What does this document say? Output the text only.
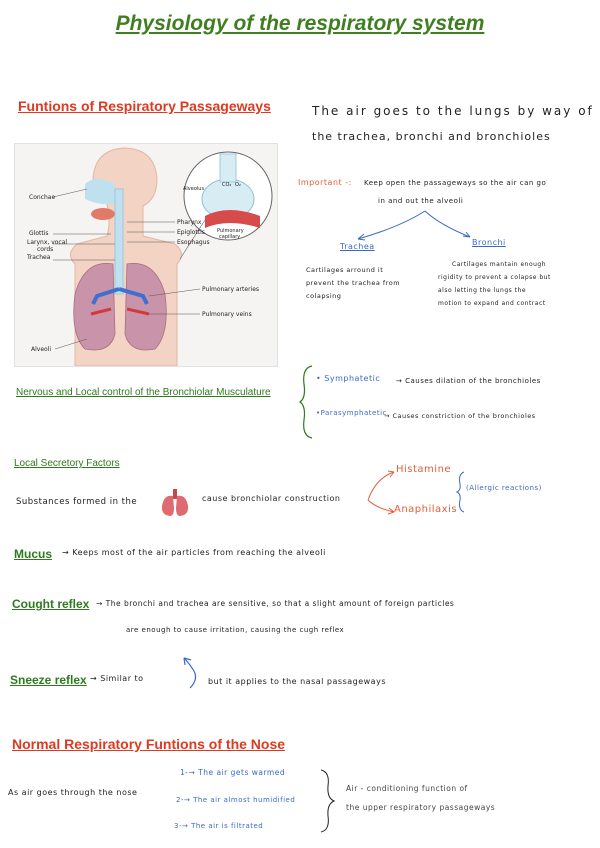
Physiology of the respiratory system
Funtions of Respiratory Passageways
Conchae
Glottis
Larynx, vocal
cords
Trachea
Alveoli
Pharynx
Epiglottis
Esophagus
Pulmonary arteries
Pulmonary veins
Alveolus
Pulmonary
capillary
CO₂ O₂
The air goes to the lungs by way of
the trachea, bronchi and bronchioles
Important -: Keep open the passageways so the air can go
in and out the alveoli
Trachea	Bronchi
Cartilages arround it
prevent the trachea from
colapsing
Cartilages mantain enough
rigidity to prevent a colapse but
also letting the lungs the
motion to expand and contract
Nervous and Local control of the Bronchiolar Musculature
• Symphatetic → Causes dilation of the bronchioles
•Parasymphatetic
→ Causes constriction of the bronchioles
Local Secretory Factors
Substances formed in the	cause bronchiolar construction
Histamine
Anaphilaxis
(Allergic reactions)
Mucus → Keeps most of the air particles from reaching the alveoli
Cought reflex → The bronchi and trachea are sensitive, so that a slight amount of foreign particles
are enough to cause irritation, causing the cugh reflex
Sneeze reflex → Similar to	but it applies to the nasal passageways
Normal Respiratory Funtions of the Nose
As air goes through the nose
1-→ The air gets warmed
2-→ The air almost humidified
3-→ The air is filtrated
Air - conditioning function of
the upper respiratory passageways
